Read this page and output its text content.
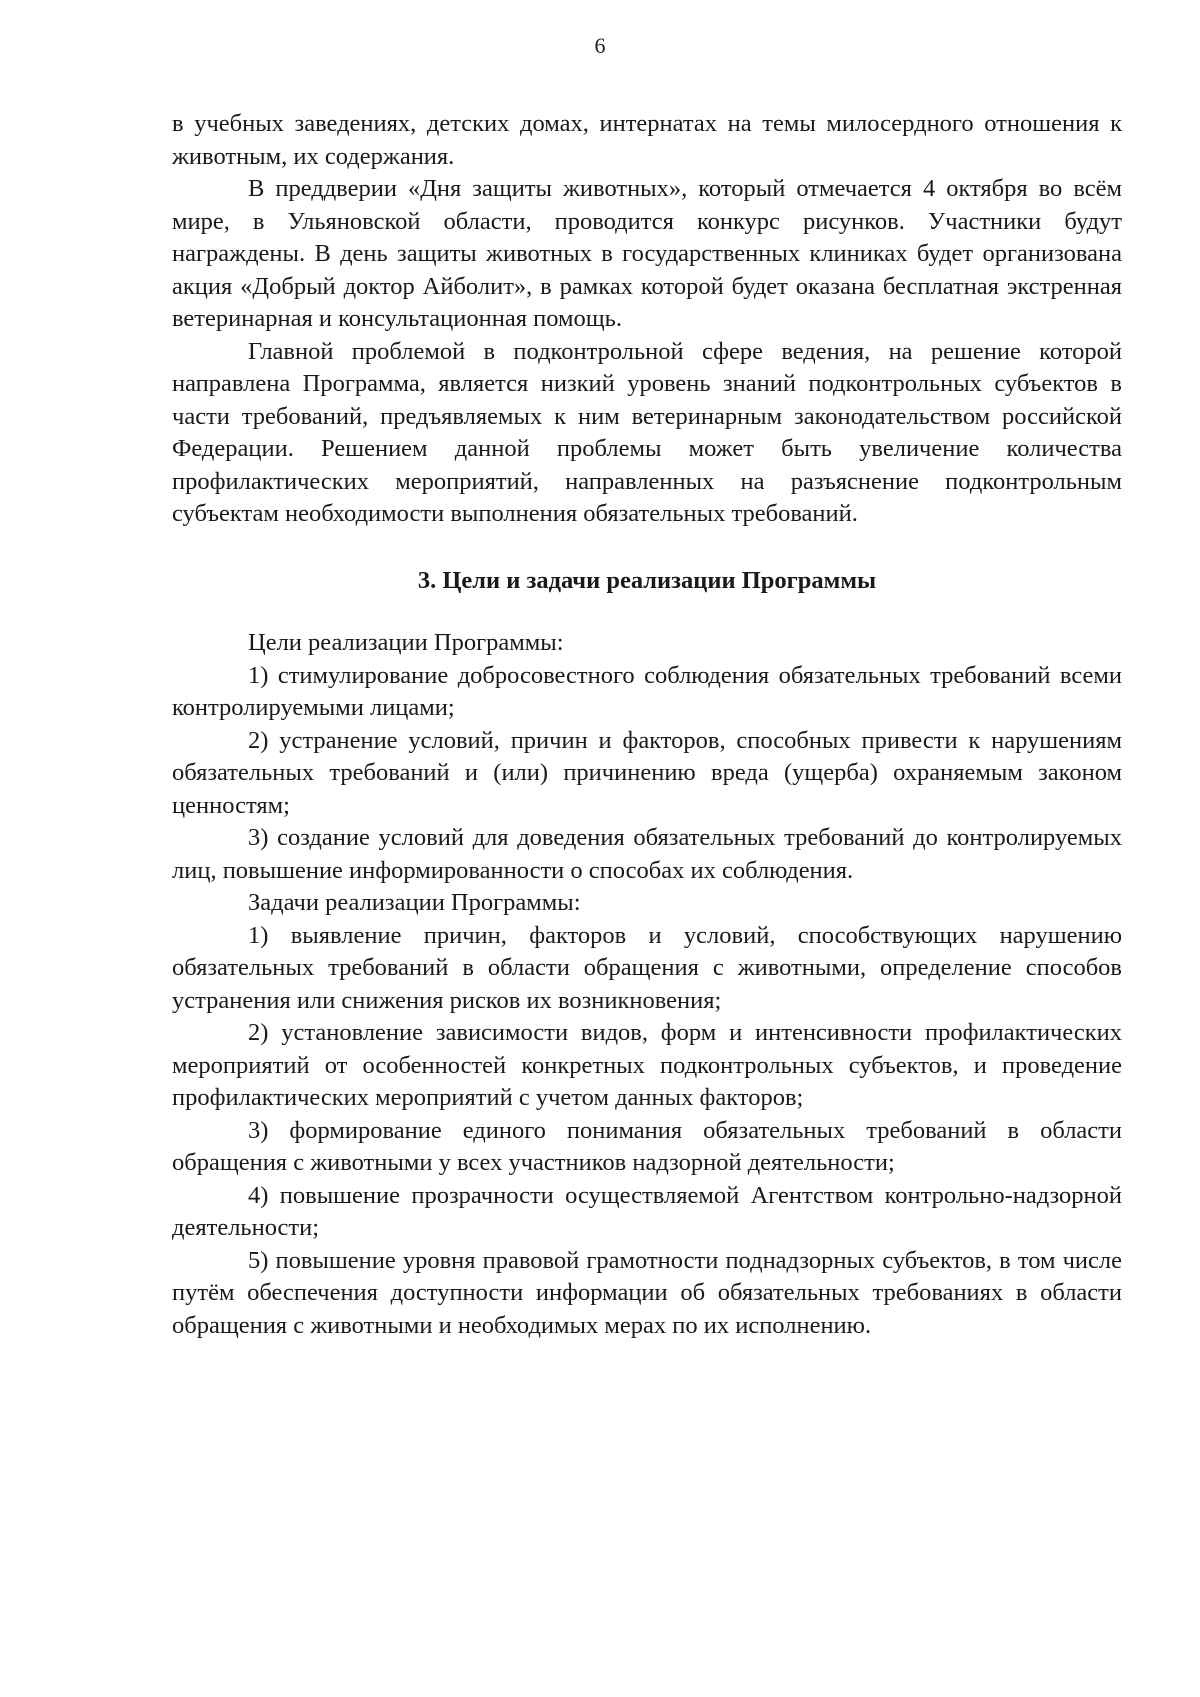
6

в учебных заведениях, детских домах, интернатах на темы милосердного отношения к животным, их содержания.

В преддверии «Дня защиты животных», который отмечается 4 октября во всём мире, в Ульяновской области, проводится конкурс рисунков. Участники будут награждены. В день защиты животных в государственных клиниках будет организована акция «Добрый доктор Айболит», в рамках которой будет оказана бесплатная экстренная ветеринарная и консультационная помощь.

Главной проблемой в подконтрольной сфере ведения, на решение которой направлена Программа, является низкий уровень знаний подконтрольных субъектов в части требований, предъявляемых к ним ветеринарным законодательством российской Федерации. Решением данной проблемы может быть увеличение количества профилактических мероприятий, направленных на разъяснение подконтрольным субъектам необходимости выполнения обязательных требований.

3. Цели и задачи реализации Программы

Цели реализации Программы:

1) стимулирование добросовестного соблюдения обязательных требований всеми контролируемыми лицами;

2) устранение условий, причин и факторов, способных привести к нарушениям обязательных требований и (или) причинению вреда (ущерба) охраняемым законом ценностям;

3) создание условий для доведения обязательных требований до контролируемых лиц, повышение информированности о способах их соблюдения.

Задачи реализации Программы:

1) выявление причин, факторов и условий, способствующих нарушению обязательных требований в области обращения с животными, определение способов устранения или снижения рисков их возникновения;

2) установление зависимости видов, форм и интенсивности профилактических мероприятий от особенностей конкретных подконтрольных субъектов, и проведение профилактических мероприятий с учетом данных факторов;

3) формирование единого понимания обязательных требований в области обращения с животными у всех участников надзорной деятельности;

4) повышение прозрачности осуществляемой Агентством контрольно-надзорной деятельности;

5) повышение уровня правовой грамотности поднадзорных субъектов, в том числе путём обеспечения доступности информации об обязательных требованиях в области обращения с животными и необходимых мерах по их исполнению.
